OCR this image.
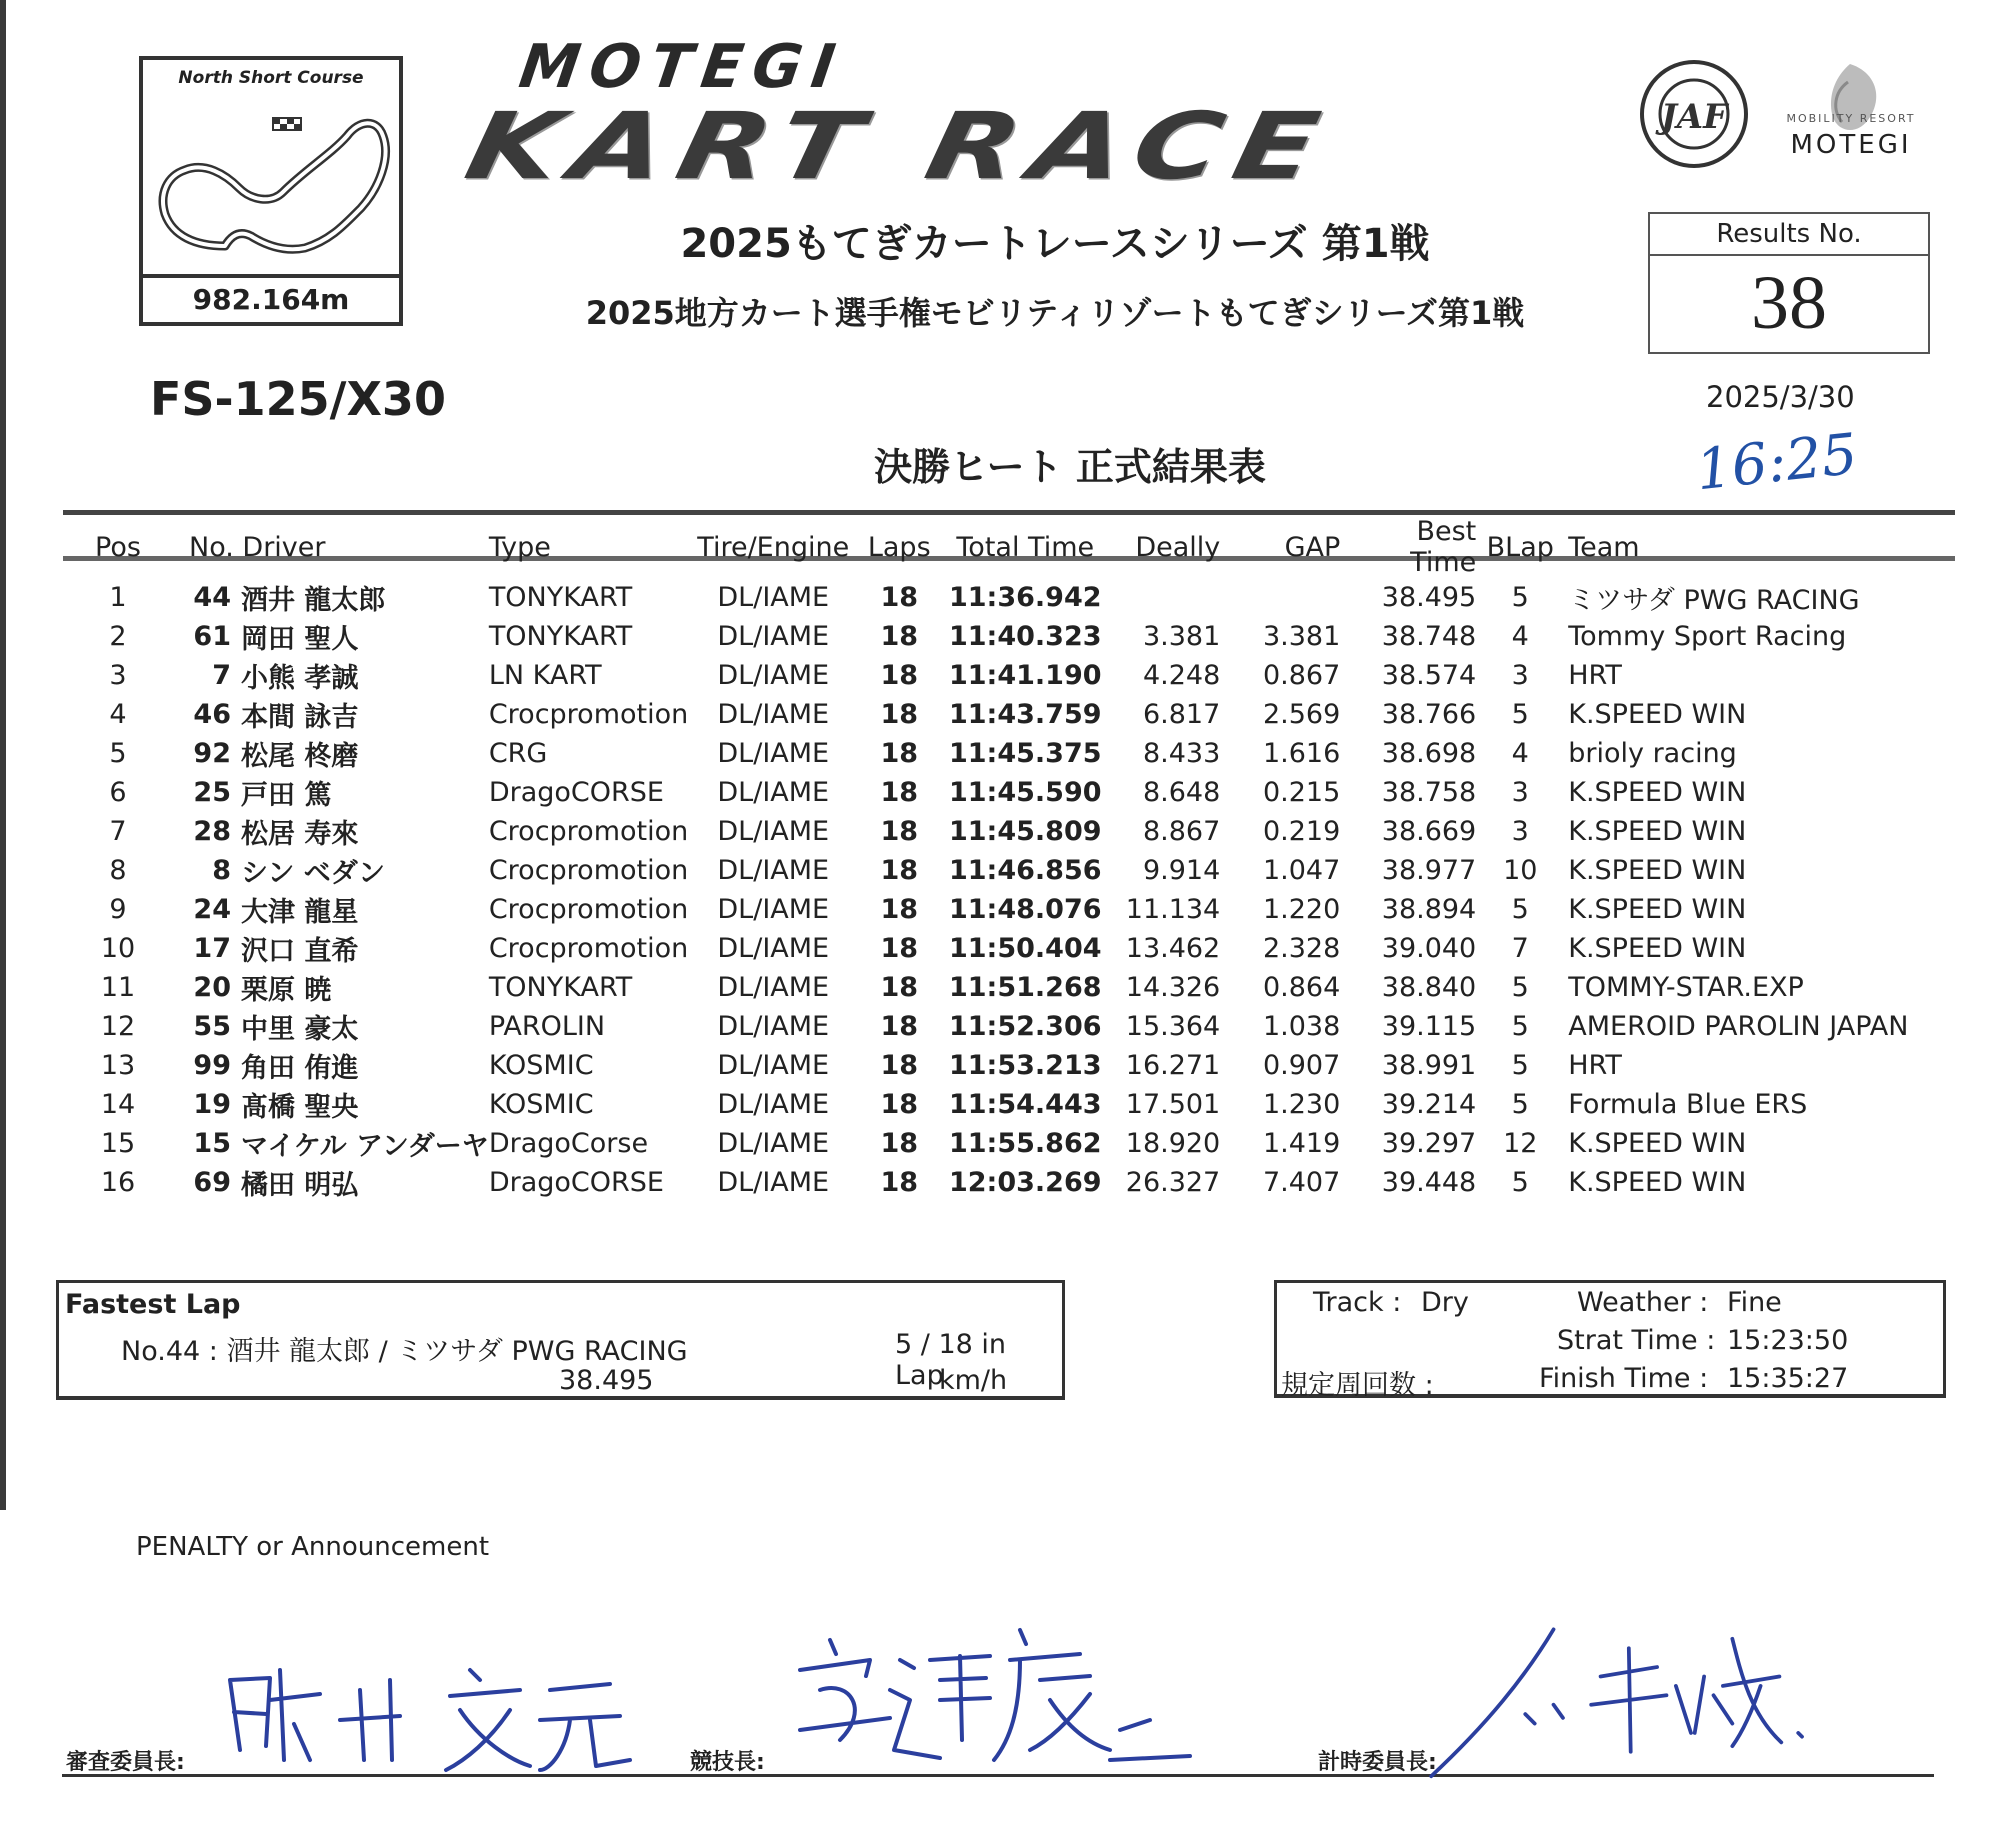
North Short Course
982.164m
MOTEGI
KART RACE
2025もてぎカートレースシリーズ 第1戦
2025地方カート選手権モビリティリゾートもてぎシリーズ第1戦
JAF	MOBILITY RESORT
MOTEGI
Results No.
38
FS-125/X30	2025/3/30
決勝ヒート 正式結果表	16:25
Pos	No. Driver		Type	Tire/Engine	Laps	Total Time	Deally	GAP	Best Time	BLap	Team
1	44	酒井 龍太郎	TONYKART	DL/IAME	18	11:36.942			38.495	5	ミツサダ PWG RACING
2	61	岡田 聖人	TONYKART	DL/IAME	18	11:40.323	3.381	3.381	38.748	4	Tommy Sport Racing
3	7	小熊 孝誠	LN KART	DL/IAME	18	11:41.190	4.248	0.867	38.574	3	HRT
4	46	本間 詠吉	Crocpromotion	DL/IAME	18	11:43.759	6.817	2.569	38.766	5	K.SPEED WIN
5	92	松尾 柊磨	CRG	DL/IAME	18	11:45.375	8.433	1.616	38.698	4	brioly racing
6	25	戸田 篤	DragoCORSE	DL/IAME	18	11:45.590	8.648	0.215	38.758	3	K.SPEED WIN
7	28	松居 寿來	Crocpromotion	DL/IAME	18	11:45.809	8.867	0.219	38.669	3	K.SPEED WIN
8	8	シン ベダン	Crocpromotion	DL/IAME	18	11:46.856	9.914	1.047	38.977	10	K.SPEED WIN
9	24	大津 龍星	Crocpromotion	DL/IAME	18	11:48.076	11.134	1.220	38.894	5	K.SPEED WIN
10	17	沢口 直希	Crocpromotion	DL/IAME	18	11:50.404	13.462	2.328	39.040	7	K.SPEED WIN
11	20	栗原 暁	TONYKART	DL/IAME	18	11:51.268	14.326	0.864	38.840	5	TOMMY-STAR.EXP
12	55	中里 豪太	PAROLIN	DL/IAME	18	11:52.306	15.364	1.038	39.115	5	AMEROID PAROLIN JAPAN
13	99	角田 侑進	KOSMIC	DL/IAME	18	11:53.213	16.271	0.907	38.991	5	HRT
14	19	髙橋 聖央	KOSMIC	DL/IAME	18	11:54.443	17.501	1.230	39.214	5	Formula Blue ERS
15	15	マイケル アンダーヤ	DragoCorse	DL/IAME	18	11:55.862	18.920	1.419	39.297	12	K.SPEED WIN
16	69	橘田 明弘	DragoCORSE	DL/IAME	18	12:03.269	26.327	7.407	39.448	5	K.SPEED WIN
Fastest Lap
No.44 : 酒井 龍太郎 / ミツサダ PWG RACING	5 / 18 in Lap
38.495	km/h
Track : Dry	Weather : Fine
Strat Time : 15:23:50
規定周回数 :	Finish Time : 15:35:27
PENALTY or Announcement
審査委員長:	競技長:	計時委員長:
